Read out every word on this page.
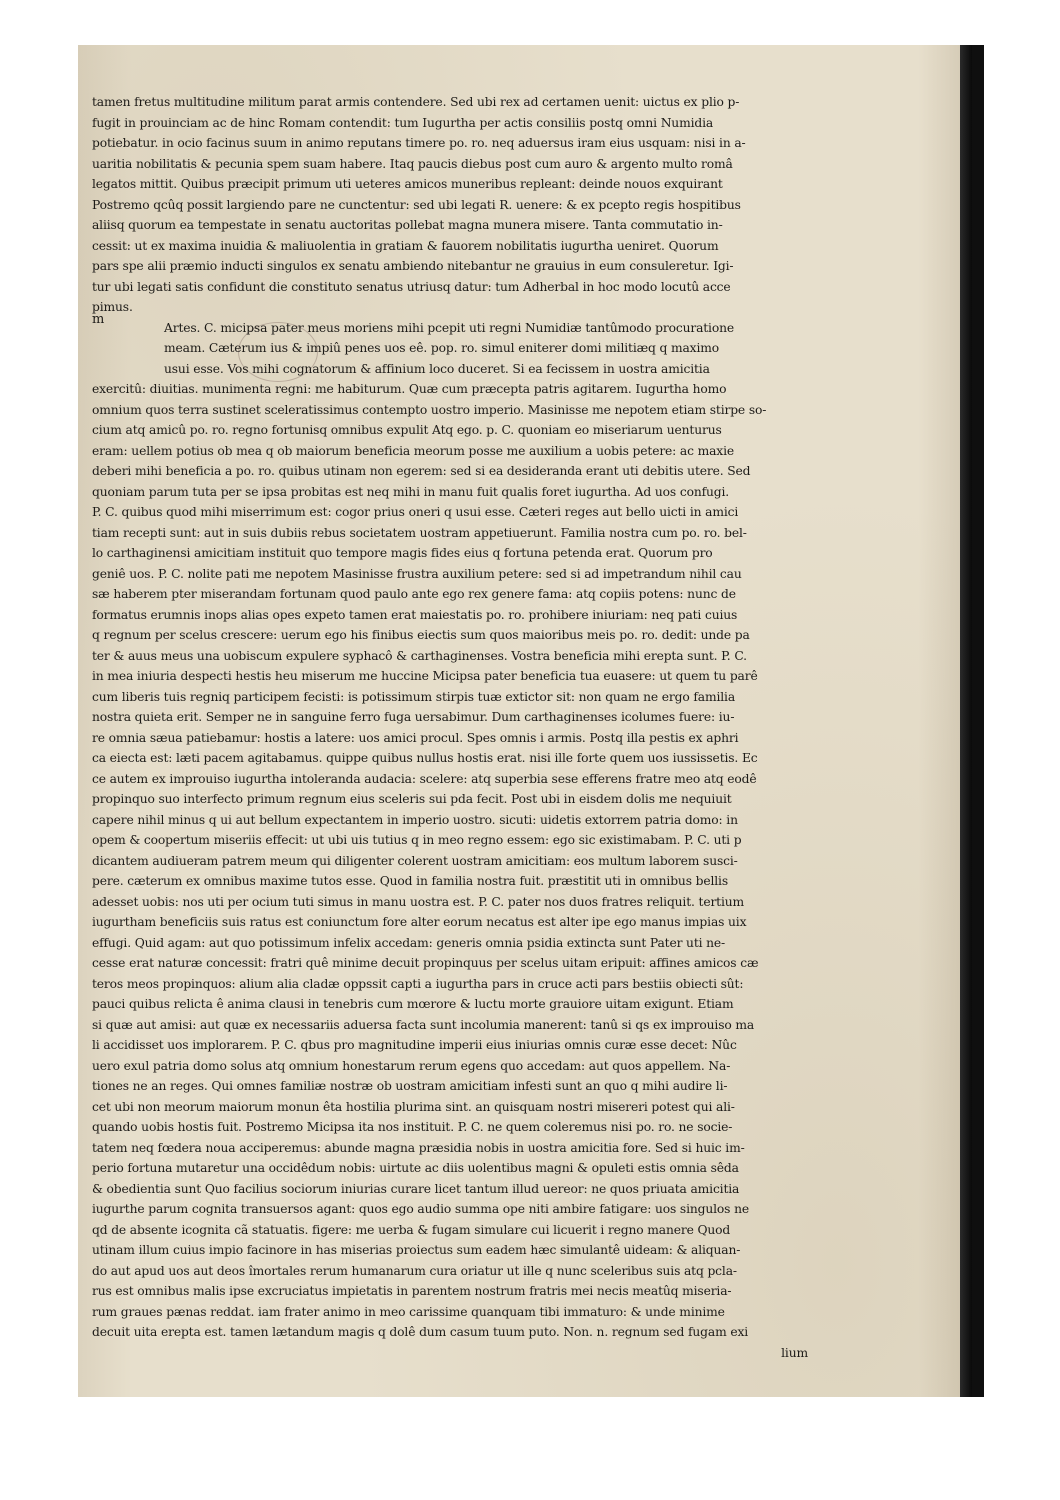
m
tamen fretus multitudine militum parat armis contendere. Sed ubi rex ad certamen uenit: uictus ex plio p-
fugit in prouinciam ac de hinc Romam contendit: tum Iugurtha per actis consiliis postq omni Numidia
potiebatur. in ocio facinus suum in animo reputans timere po. ro. neq aduersus iram eius usquam: nisi in a-
uaritia nobilitatis & pecunia spem suam habere. Itaq paucis diebus post cum auro & argento multo româ
legatos mittit. Quibus præcipit primum uti ueteres amicos muneribus repleant: deinde nouos exquirant
Postremo qcûq possit largiendo pare ne cunctentur: sed ubi legati R. uenere: & ex pcepto regis hospitibus
aliisq quorum ea tempestate in senatu auctoritas pollebat magna munera misere. Tanta commutatio in-
cessit: ut ex maxima inuidia & maliuolentia in gratiam & fauorem nobilitatis iugurtha ueniret. Quorum
pars spe alii præmio inducti singulos ex senatu ambiendo nitebantur ne grauius in eum consuleretur. Igi-
tur ubi legati satis confidunt die constituto senatus utriusq datur: tum Adherbal in hoc modo locutû acce
pimus.
Artes. C. micipsa pater meus moriens mihi pcepit uti regni Numidiæ tantûmodo procuratione
meam. Cæterum ius & impiû penes uos eê. pop. ro. simul eniterer domi militiæq q maximo
usui esse. Vos mihi cognatorum & affinium loco duceret. Si ea fecissem in uostra amicitia
exercitû: diuitias. munimenta regni: me habiturum. Quæ cum præcepta patris agitarem. Iugurtha homo
omnium quos terra sustinet sceleratissimus contempto uostro imperio. Masinisse me nepotem etiam stirpe so-
cium atq amicû po. ro. regno fortunisq omnibus expulit Atq ego. p. C. quoniam eo miseriarum uenturus
eram: uellem potius ob mea q ob maiorum beneficia meorum posse me auxilium a uobis petere: ac maxie
deberi mihi beneficia a po. ro. quibus utinam non egerem: sed si ea desideranda erant uti debitis utere. Sed
quoniam parum tuta per se ipsa probitas est neq mihi in manu fuit qualis foret iugurtha. Ad uos confugi.
P. C. quibus quod mihi miserrimum est: cogor prius oneri q usui esse. Cæteri reges aut bello uicti in amici
tiam recepti sunt: aut in suis dubiis rebus societatem uostram appetiuerunt. Familia nostra cum po. ro. bel-
lo carthaginensi amicitiam instituit quo tempore magis fides eius q fortuna petenda erat. Quorum pro
geniê uos. P. C. nolite pati me nepotem Masinisse frustra auxilium petere: sed si ad impetrandum nihil cau
sæ haberem pter miserandam fortunam quod paulo ante ego rex genere fama: atq copiis potens: nunc de
formatus erumnis inops alias opes expeto tamen erat maiestatis po. ro. prohibere iniuriam: neq pati cuius
q regnum per scelus crescere: uerum ego his finibus eiectis sum quos maioribus meis po. ro. dedit: unde pa
ter & auus meus una uobiscum expulere syphacô & carthaginenses. Vostra beneficia mihi erepta sunt. P. C.
in mea iniuria despecti hestis heu miserum me huccine Micipsa pater beneficia tua euasere: ut quem tu parê
cum liberis tuis regniq participem fecisti: is potissimum stirpis tuæ extictor sit: non quam ne ergo familia
nostra quieta erit. Semper ne in sanguine ferro fuga uersabimur. Dum carthaginenses icolumes fuere: iu-
re omnia sæua patiebamur: hostis a latere: uos amici procul. Spes omnis i armis. Postq illa pestis ex aphri
ca eiecta est: læti pacem agitabamus. quippe quibus nullus hostis erat. nisi ille forte quem uos iussissetis. Ec
ce autem ex improuiso iugurtha intoleranda audacia: scelere: atq superbia sese efferens fratre meo atq eodê
propinquo suo interfecto primum regnum eius sceleris sui pda fecit. Post ubi in eisdem dolis me nequiuit
capere nihil minus q ui aut bellum expectantem in imperio uostro. sicuti: uidetis extorrem patria domo: in
opem & coopertum miseriis effecit: ut ubi uis tutius q in meo regno essem: ego sic existimabam. P. C. uti p
dicantem audiueram patrem meum qui diligenter colerent uostram amicitiam: eos multum laborem susci-
pere. cæterum ex omnibus maxime tutos esse. Quod in familia nostra fuit. præstitit uti in omnibus bellis
adesset uobis: nos uti per ocium tuti simus in manu uostra est. P. C. pater nos duos fratres reliquit. tertium
iugurtham beneficiis suis ratus est coniunctum fore alter eorum necatus est alter ipe ego manus impias uix
effugi. Quid agam: aut quo potissimum infelix accedam: generis omnia psidia extincta sunt Pater uti ne-
cesse erat naturæ concessit: fratri quê minime decuit propinquus per scelus uitam eripuit: affines amicos cæ
teros meos propinquos: alium alia cladæ oppssit capti a iugurtha pars in cruce acti pars bestiis obiecti sût:
pauci quibus relicta ê anima clausi in tenebris cum mœrore & luctu morte grauiore uitam exigunt. Etiam
si quæ aut amisi: aut quæ ex necessariis aduersa facta sunt incolumia manerent: tanû si qs ex improuiso ma
li accidisset uos implorarem. P. C. qbus pro magnitudine imperii eius iniurias omnis curæ esse decet: Nûc
uero exul patria domo solus atq omnium honestarum rerum egens quo accedam: aut quos appellem. Na-
tiones ne an reges. Qui omnes familiæ nostræ ob uostram amicitiam infesti sunt an quo q mihi audire li-
cet ubi non meorum maiorum monun êta hostilia plurima sint. an quisquam nostri misereri potest qui ali-
quando uobis hostis fuit. Postremo Micipsa ita nos instituit. P. C. ne quem coleremus nisi po. ro. ne socie-
tatem neq fœdera noua acciperemus: abunde magna præsidia nobis in uostra amicitia fore. Sed si huic im-
perio fortuna mutaretur una occidêdum nobis: uirtute ac diis uolentibus magni & opuleti estis omnia sêda
& obedientia sunt Quo facilius sociorum iniurias curare licet tantum illud uereor: ne quos priuata amicitia
iugurthe parum cognita transuersos agant: quos ego audio summa ope niti ambire fatigare: uos singulos ne
qd de absente icognita cã statuatis. figere: me uerba & fugam simulare cui licuerit i regno manere Quod
utinam illum cuius impio facinore in has miserias proiectus sum eadem hæc simulantê uideam: & aliquan-
do aut apud uos aut deos îmortales rerum humanarum cura oriatur ut ille q nunc sceleribus suis atq pcla-
rus est omnibus malis ipse excruciatus impietatis in parentem nostrum fratris mei necis meatûq miseria-
rum graues pænas reddat. iam frater animo in meo carissime quanquam tibi immaturo: & unde minime
decuit uita erepta est. tamen lætandum magis q dolê dum casum tuum puto. Non. n. regnum sed fugam exi
lium
